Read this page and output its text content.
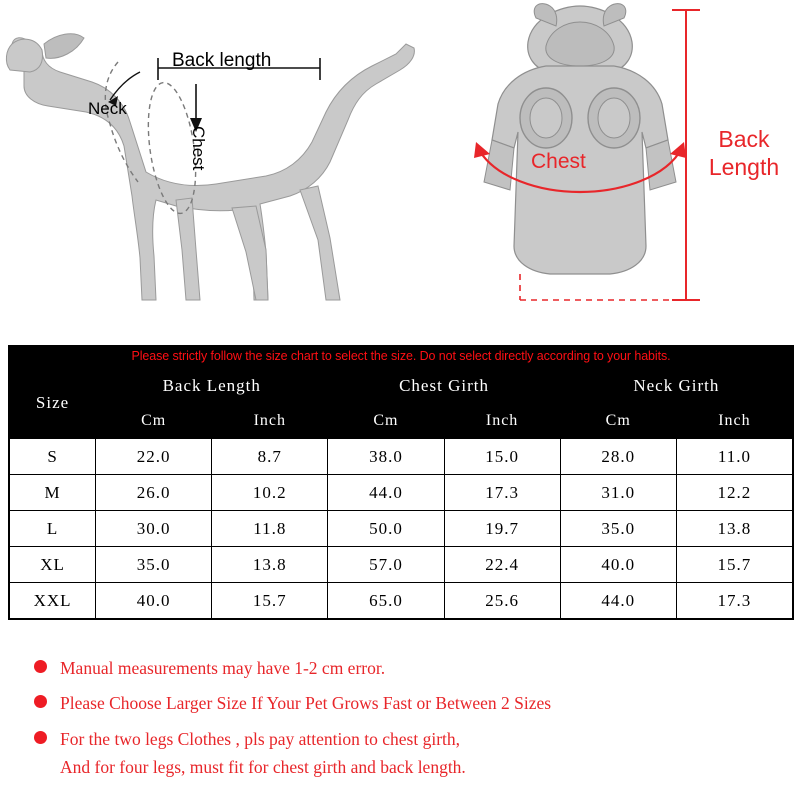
Back length
Neck
Chest	Chest
Back
Length
Please strictly follow the size chart to select the size. Do not select directly according to your habits.
Size	Back Length		Chest Girth		Neck Girth	
	Cm	Inch	Cm	Inch	Cm	Inch
S	22.0	8.7	38.0	15.0	28.0	11.0
M	26.0	10.2	44.0	17.3	31.0	12.2
L	30.0	11.8	50.0	19.7	35.0	13.8
XL	35.0	13.8	57.0	22.4	40.0	15.7
XXL	40.0	15.7	65.0	25.6	44.0	17.3
Manual measurements may have 1-2 cm error.
Please Choose Larger Size If Your Pet Grows Fast or Between 2 Sizes
For the two legs Clothes , pls pay attention to chest girth,
And for four legs, must fit for chest girth and back length.
